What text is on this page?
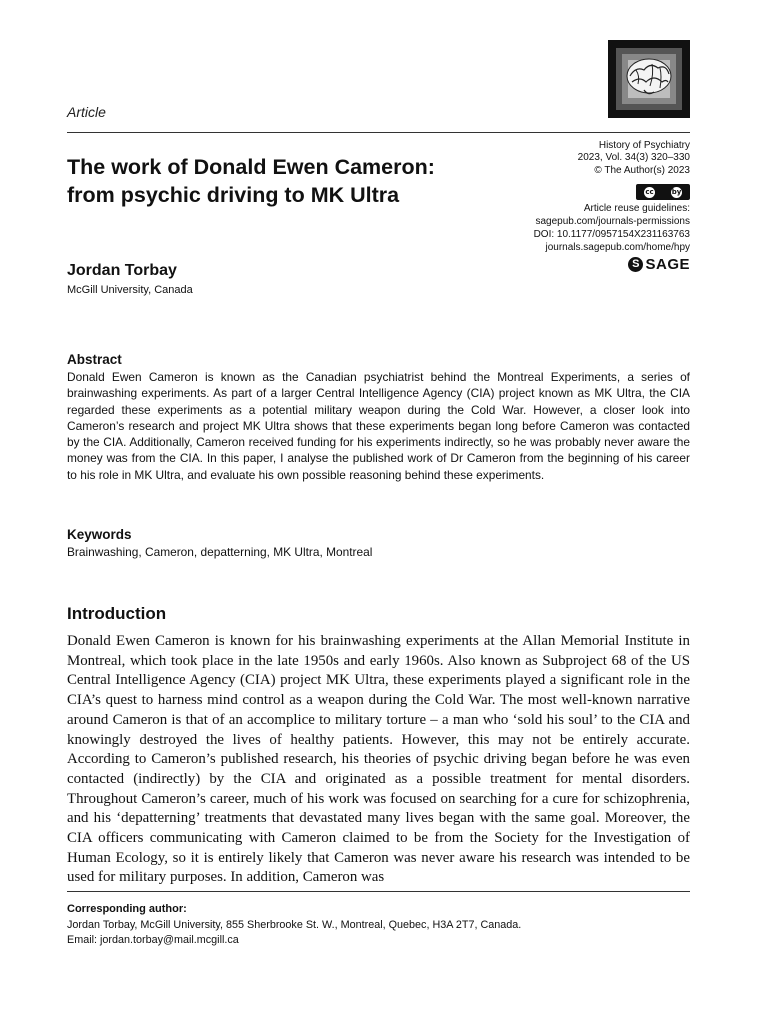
Article
History of Psychiatry
2023, Vol. 34(3) 320–330
© The Author(s) 2023
cc	by
Article reuse guidelines:
sagepub.com/journals-permissions
DOI: 10.1177/0957154X231163763
journals.sagepub.com/home/hpy
S SAGE
The work of Donald Ewen Cameron:
from psychic driving to MK Ultra
Jordan Torbay
McGill University, Canada
Abstract
Donald Ewen Cameron is known as the Canadian psychiatrist behind the Montreal Experiments, a series of brainwashing experiments. As part of a larger Central Intelligence Agency (CIA) project known as MK Ultra, the CIA regarded these experiments as a potential military weapon during the Cold War. However, a closer look into Cameron’s research and project MK Ultra shows that these experiments began long before Cameron was contacted by the CIA. Additionally, Cameron received funding for his experiments indirectly, so he was probably never aware the money was from the CIA. In this paper, I analyse the published work of Dr Cameron from the beginning of his career to his role in MK Ultra, and evaluate his own possible reasoning behind these experiments.
Keywords
Brainwashing, Cameron, depatterning, MK Ultra, Montreal
Introduction
Donald Ewen Cameron is known for his brainwashing experiments at the Allan Memorial Institute in Montreal, which took place in the late 1950s and early 1960s. Also known as Subproject 68 of the US Central Intelligence Agency (CIA) project MK Ultra, these experiments played a significant role in the CIA’s quest to harness mind control as a weapon during the Cold War. The most well-known narrative around Cameron is that of an accomplice to military torture – a man who ‘sold his soul’ to the CIA and knowingly destroyed the lives of healthy patients. However, this may not be entirely accurate. According to Cameron’s published research, his theories of psychic driving began before he was even contacted (indirectly) by the CIA and originated as a possible treatment for mental disorders. Throughout Cameron’s career, much of his work was focused on searching for a cure for schizophrenia, and his ‘depatterning’ treatments that devastated many lives began with the same goal. Moreover, the CIA officers communicating with Cameron claimed to be from the Society for the Investigation of Human Ecology, so it is entirely likely that Cameron was never aware his research was intended to be used for military purposes. In addition, Cameron was
Corresponding author:
Jordan Torbay, McGill University, 855 Sherbrooke St. W., Montreal, Quebec, H3A 2T7, Canada.
Email: jordan.torbay@mail.mcgill.ca
